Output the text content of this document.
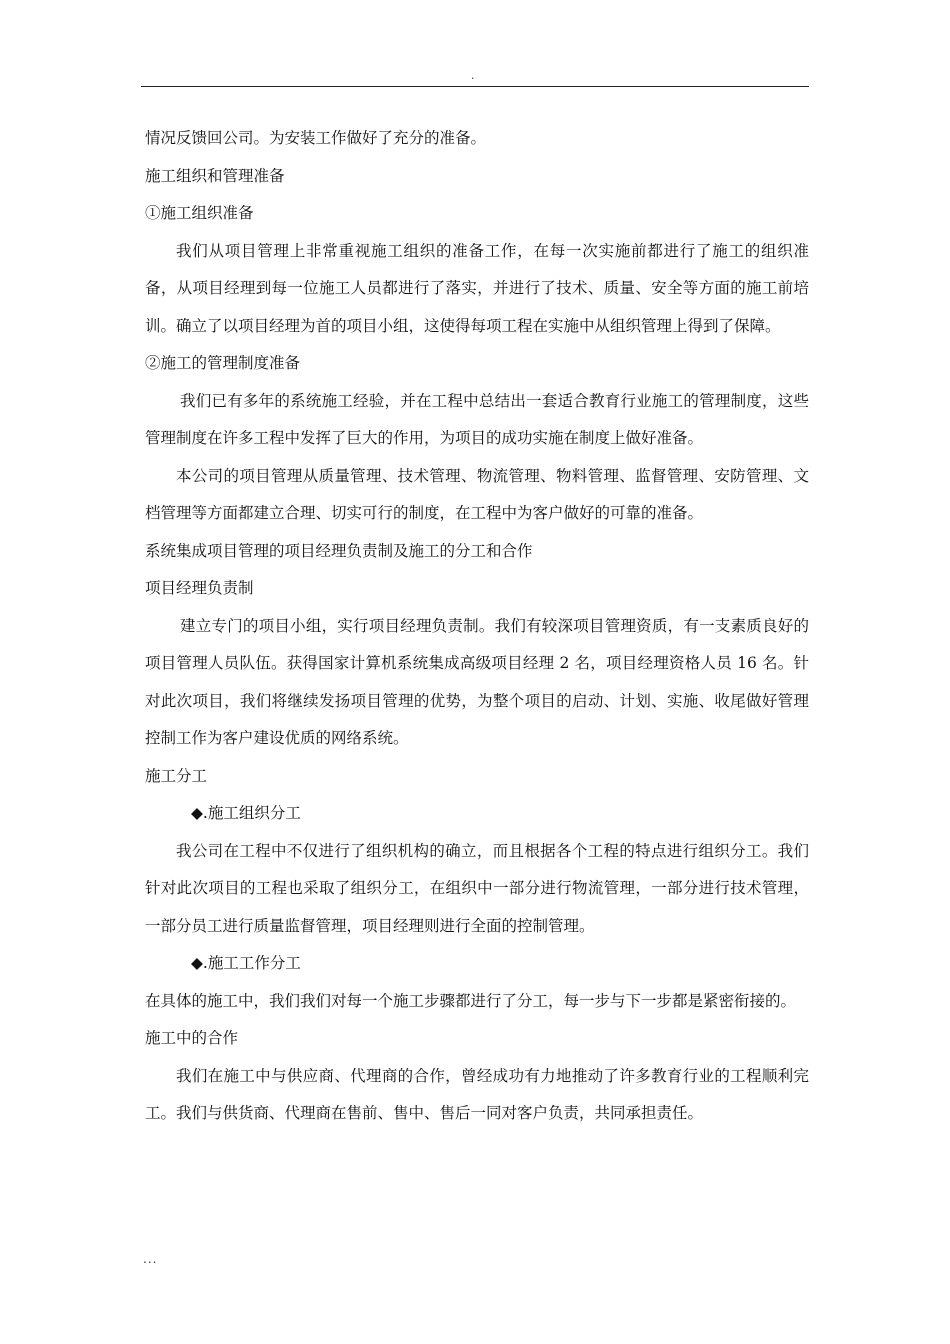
.

情况反馈回公司。为安装工作做好了充分的准备。

施工组织和管理准备

①施工组织准备

我们从项目管理上非常重视施工组织的准备工作，在每一次实施前都进行了施工的组织准备，从项目经理到每一位施工人员都进行了落实，并进行了技术、质量、安全等方面的施工前培训。确立了以项目经理为首的项目小组，这使得每项工程在实施中从组织管理上得到了保障。

②施工的管理制度准备

我们已有多年的系统施工经验，并在工程中总结出一套适合教育行业施工的管理制度，这些管理制度在许多工程中发挥了巨大的作用，为项目的成功实施在制度上做好准备。

本公司的项目管理从质量管理、技术管理、物流管理、物料管理、监督管理、安防管理、文档管理等方面都建立合理、切实可行的制度，在工程中为客户做好的可靠的准备。

系统集成项目管理的项目经理负责制及施工的分工和合作

项目经理负责制

建立专门的项目小组，实行项目经理负责制。我们有较深项目管理资质，有一支素质良好的项目管理人员队伍。获得国家计算机系统集成高级项目经理 2 名，项目经理资格人员 16 名。针对此次项目，我们将继续发扬项目管理的优势，为整个项目的启动、计划、实施、收尾做好管理控制工作为客户建设优质的网络系统。

施工分工

◆.施工组织分工

我公司在工程中不仅进行了组织机构的确立，而且根据各个工程的特点进行组织分工。我们针对此次项目的工程也采取了组织分工，在组织中一部分进行物流管理，一部分进行技术管理，一部分员工进行质量监督管理，项目经理则进行全面的控制管理。

◆.施工工作分工

在具体的施工中，我们我们对每一个施工步骤都进行了分工，每一步与下一步都是紧密衔接的。

施工中的合作

我们在施工中与供应商、代理商的合作，曾经成功有力地推动了许多教育行业的工程顺利完工。我们与供货商、代理商在售前、售中、售后一同对客户负责，共同承担责任。

...
